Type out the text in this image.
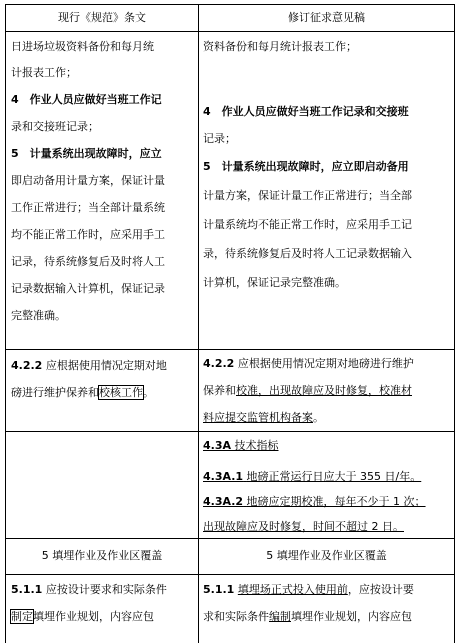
现行《规范》条文	修订征求意见稿
日进场垃圾资料备份和每月统
计报表工作；
4　作业人员应做好当班工作记
录和交接班记录；
5　计量系统出现故障时，应立
即启动备用计量方案，保证计量
工作正常进行；当全部计量系统
均不能正常工作时，应采用手工
记录，待系统修复后及时将人工
记录数据输入计算机，保证记录
完整准确。
资料备份和每月统计报表工作；
4　作业人员应做好当班工作记录和交接班
记录；
5　计量系统出现故障时，应立即启动备用
计量方案，保证计量工作正常进行；当全部
计量系统均不能正常工作时，应采用手工记
录，待系统修复后及时将人工记录数据输入
计算机，保证记录完整准确。
4.2.2 应根据使用情况定期对地
磅进行维护保养和校核工作。
4.2.2 应根据使用情况定期对地磅进行维护
保养和校准，出现故障应及时修复，校准材
料应提交监管机构备案。
4.3A 技术指标
4.3A.1 地磅正常运行日应大于 355 日/年。
4.3A.2 地磅应定期校准，每年不少于 1 次；
出现故障应及时修复，时间不超过 2 日。
5 填埋作业及作业区覆盖	5 填埋作业及作业区覆盖
5.1.1 应按设计要求和实际条件
制定填埋作业规划，内容应包
5.1.1 填埋场正式投入使用前，应按设计要
求和实际条件编制填埋作业规划，内容应包
